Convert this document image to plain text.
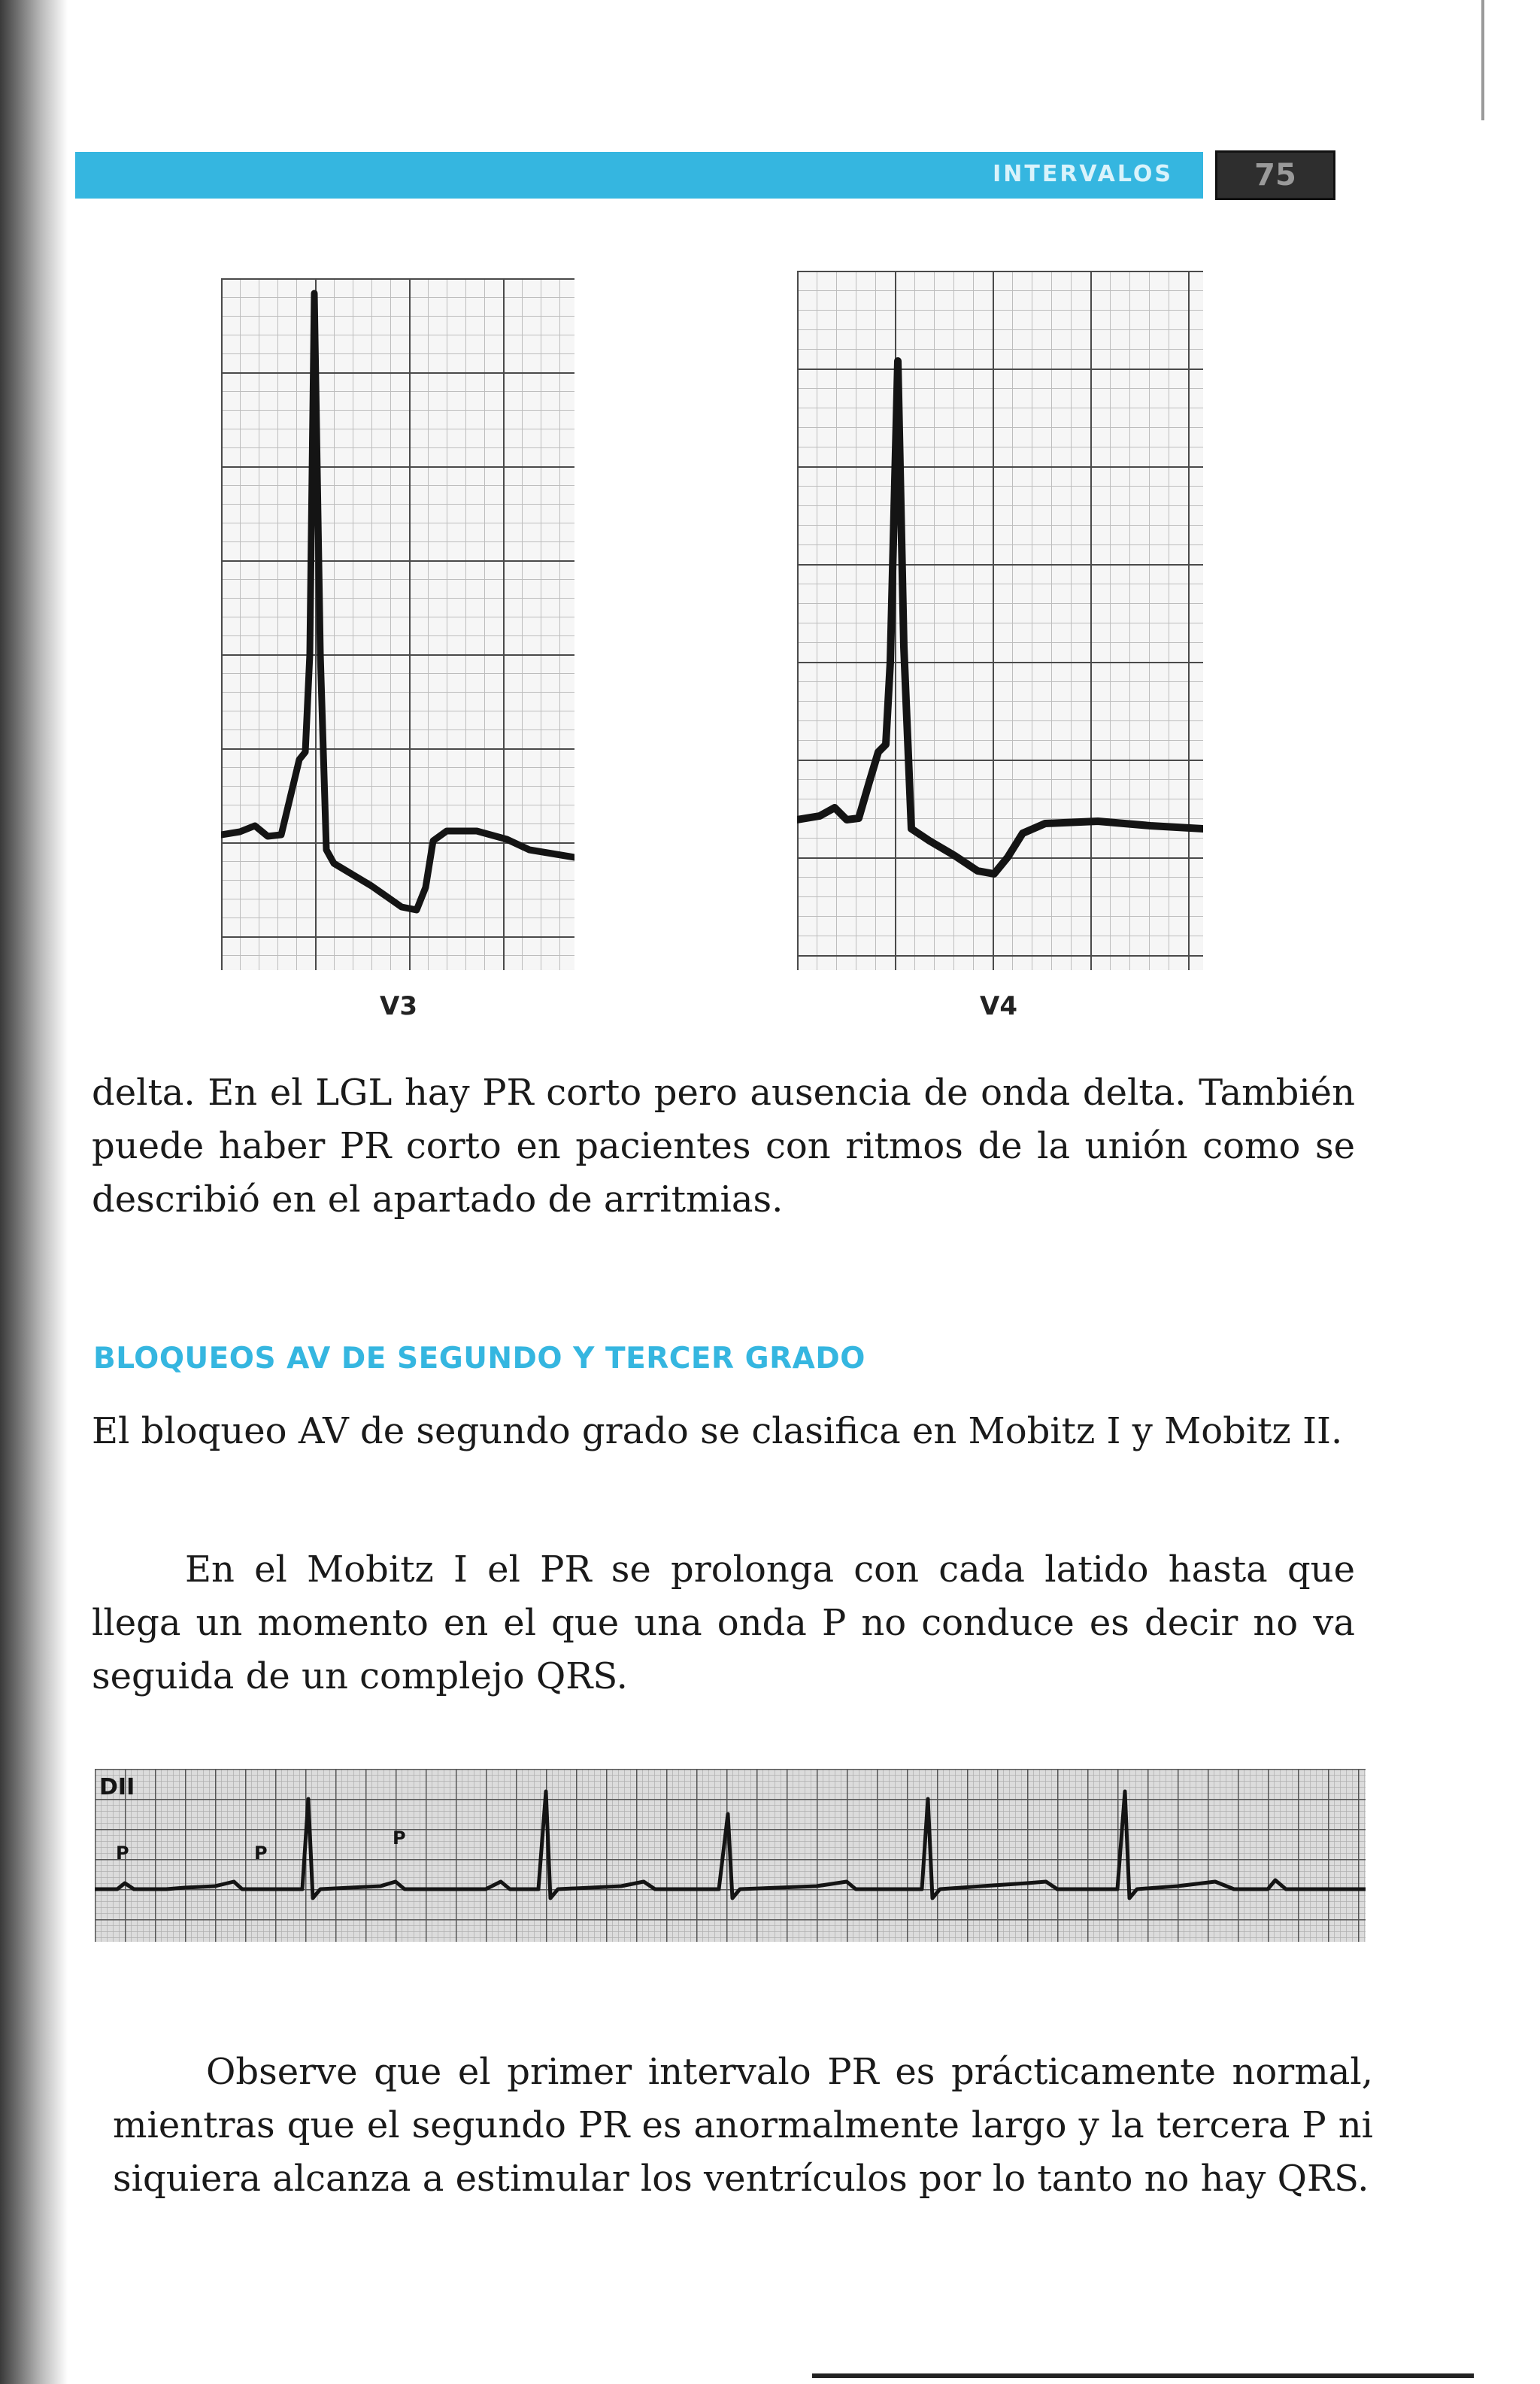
INTERVALOS	75
V3	V4

delta. En el LGL hay PR corto pero ausencia de onda delta. También puede haber PR corto en pacientes con ritmos de la unión como se describió en el apartado de arritmias.

BLOQUEOS AV DE SEGUNDO Y TERCER GRADO

El bloqueo AV de segundo grado se clasifica en Mobitz I y Mobitz II.

En el Mobitz I el PR se prolonga con cada latido hasta que llega un momento en el que una onda P no conduce es decir no va seguida de un complejo QRS.

DII
P	P
P

Observe que el primer intervalo PR es prácticamente normal, mientras que el segundo PR es anormalmente largo y la tercera P ni siquiera alcanza a estimular los ventrículos por lo tanto no hay QRS.
